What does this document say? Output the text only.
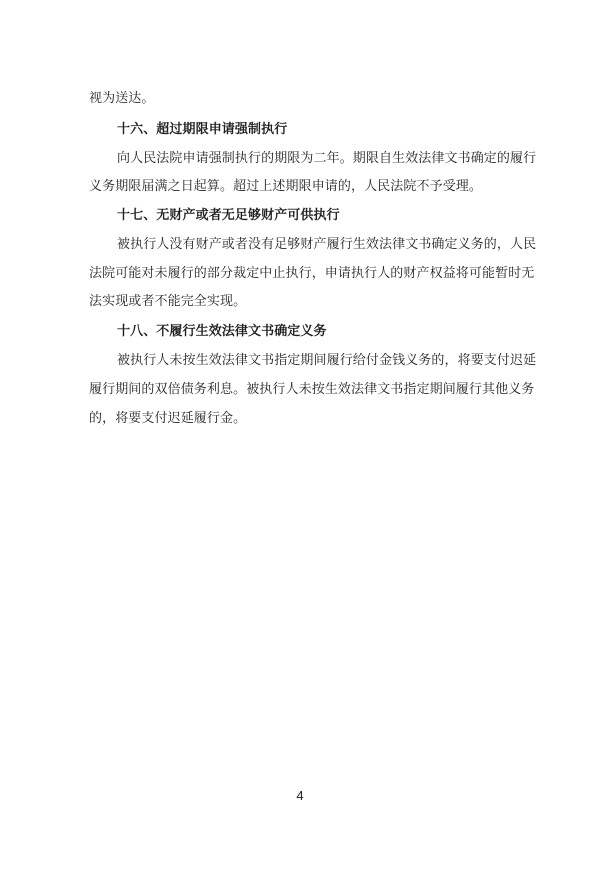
视为送达。
十六、超过期限申请强制执行
向人民法院申请强制执行的期限为二年。期限自生效法律文书确定的履行
义务期限届满之日起算。超过上述期限申请的，人民法院不予受理。
十七、无财产或者无足够财产可供执行
被执行人没有财产或者没有足够财产履行生效法律文书确定义务的，人民
法院可能对未履行的部分裁定中止执行，申请执行人的财产权益将可能暂时无
法实现或者不能完全实现。
十八、不履行生效法律文书确定义务
被执行人未按生效法律文书指定期间履行给付金钱义务的，将要支付迟延
履行期间的双倍债务利息。被执行人未按生效法律文书指定期间履行其他义务
的，将要支付迟延履行金。
4
